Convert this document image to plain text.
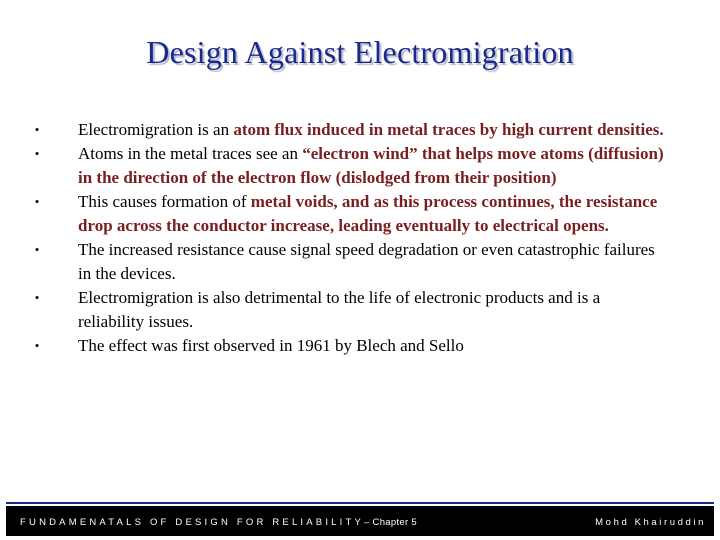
Design Against Electromigration
• Electromigration is an atom flux induced in metal traces by high current densities.
• Atoms in the metal traces see an “electron wind” that helps move atoms (diffusion) in the direction of the electron flow (dislodged from their position)
• This causes formation of metal voids, and as this process continues, the resistance drop across the conductor increase, leading eventually to electrical opens.
• The increased resistance cause signal speed degradation or even catastrophic failures in the devices.
• Electromigration is also detrimental to the life of electronic products and is a reliability issues.
• The effect was first observed in 1961 by Blech and Sello
FUNDAMENATALS OF DESIGN FOR RELIABILITY–Chapter 5	Mohd Khairuddin
